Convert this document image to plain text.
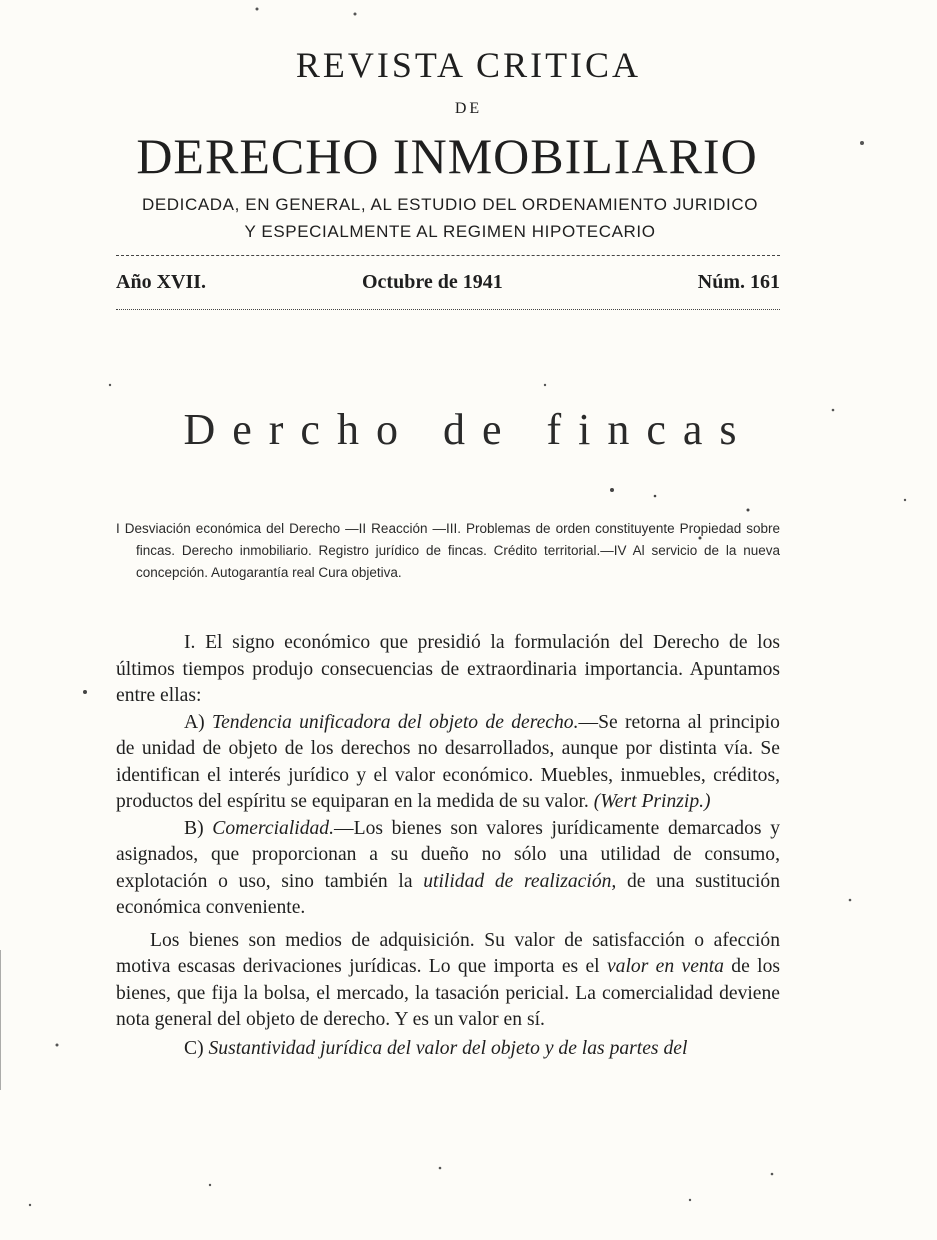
REVISTA CRITICA
DE
DERECHO INMOBILIARIO
DEDICADA, EN GENERAL, AL ESTUDIO DEL ORDENAMIENTO JURIDICO
Y ESPECIALMENTE AL REGIMEN HIPOTECARIO
Año XVII.	Octubre de 1941	Núm. 161
Dercho de fincas

I Desviación económica del Derecho —II Reacción —III. Problemas de orden constituyente Propiedad sobre fincas. Derecho inmobiliario. Registro jurídico de fincas. Crédito territorial.—IV Al servicio de la nueva concepción. Autogarantía real Cura objetiva.

I. El signo económico que presidió la formulación del Derecho de los últimos tiempos produjo consecuencias de extraordinaria importancia. Apuntamos entre ellas:

A) Tendencia unificadora del objeto de derecho.—Se retorna al principio de unidad de objeto de los derechos no desarrollados, aunque por distinta vía. Se identifican el interés jurídico y el valor económico. Muebles, inmuebles, créditos, productos del espíritu se equiparan en la medida de su valor. (Wert Prinzip.)

B) Comercialidad.—Los bienes son valores jurídicamente demarcados y asignados, que proporcionan a su dueño no sólo una utilidad de consumo, explotación o uso, sino también la utilidad de realización, de una sustitución económica conveniente.

Los bienes son medios de adquisición. Su valor de satisfacción o afección motiva escasas derivaciones jurídicas. Lo que importa es el valor en venta de los bienes, que fija la bolsa, el mercado, la tasación pericial. La comercialidad deviene nota general del objeto de derecho. Y es un valor en sí.

C) Sustantividad jurídica del valor del objeto y de las partes del
